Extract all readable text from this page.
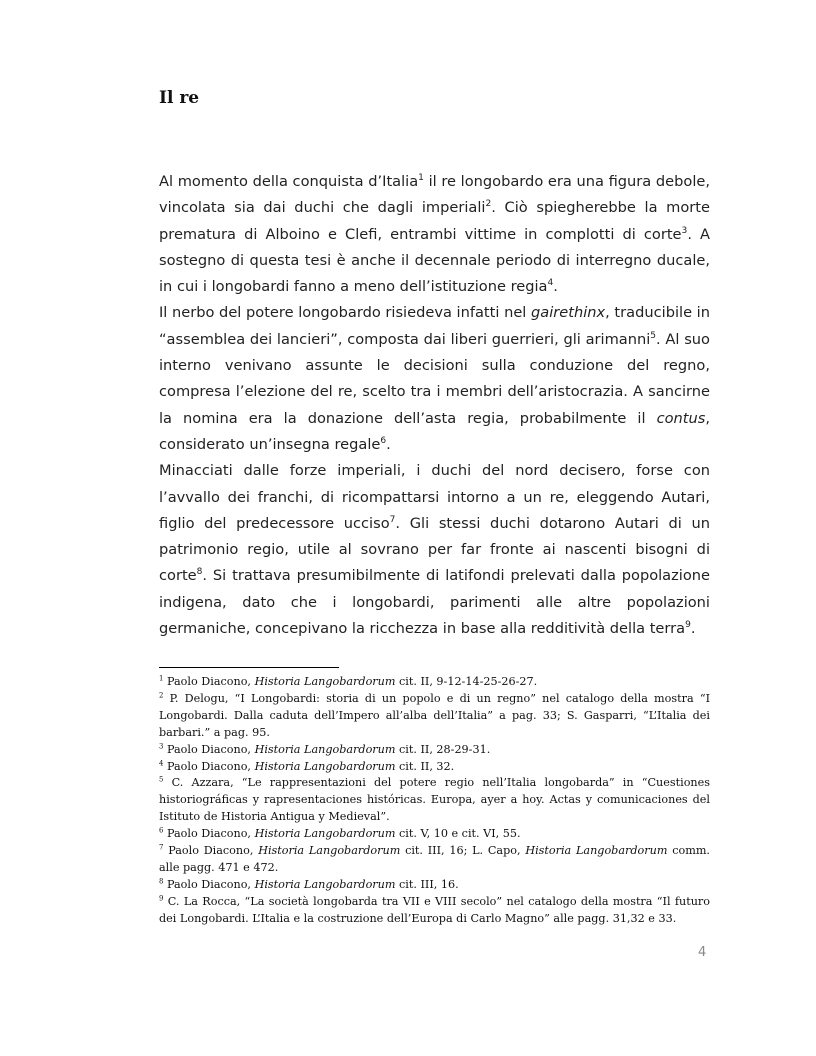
Il re

Al momento della conquista d’Italia$^1$ il re longobardo era una figura debole, vincolata sia dai duchi che dagli imperiali$^2$. Ciò spiegherebbe la morte prematura di Alboino e Clefi, entrambi vittime in complotti di corte$^3$. A sostegno di questa tesi è anche il decennale periodo di interregno ducale, in cui i longobardi fanno a meno dell’istituzione regia$^4$.

Il nerbo del potere longobardo risiedeva infatti nel gairethinx, traducibile in “assemblea dei lancieri”, composta dai liberi guerrieri, gli arimanni$^5$. Al suo interno venivano assunte le decisioni sulla conduzione del regno, compresa l’elezione del re, scelto tra i membri dell’aristocrazia. A sancirne la nomina era la donazione dell’asta regia, probabilmente il contus, considerato un’insegna regale$^6$.

Minacciati dalle forze imperiali, i duchi del nord decisero, forse con l’avvallo dei franchi, di ricompattarsi intorno a un re, eleggendo Autari, figlio del predecessore ucciso$^7$. Gli stessi duchi dotarono Autari di un patrimonio regio, utile al sovrano per far fronte ai nascenti bisogni di corte$^8$. Si trattava presumibilmente di latifondi prelevati dalla popolazione indigena, dato che i longobardi, parimenti alle altre popolazioni germaniche, concepivano la ricchezza in base alla redditività della terra$^9$.

$^1$ Paolo Diacono, Historia Langobardorum cit. II, 9-12-14-25-26-27.

$^2$ P. Delogu, “I Longobardi: storia di un popolo e di un regno” nel catalogo della mostra “I Longobardi. Dalla caduta dell’Impero all’alba dell’Italia” a pag. 33; S. Gasparri, “L’Italia dei barbari.” a pag. 95.

$^3$ Paolo Diacono, Historia Langobardorum cit. II, 28-29-31.

$^4$ Paolo Diacono, Historia Langobardorum cit. II, 32.

$^5$ C. Azzara, “Le rappresentazioni del potere regio nell’Italia longobarda” in “Cuestiones historiográficas y rapresentaciones históricas. Europa, ayer a hoy. Actas y comunicaciones del Istituto de Historia Antigua y Medieval”.

$^6$ Paolo Diacono, Historia Langobardorum cit. V, 10 e cit. VI, 55.

$^7$ Paolo Diacono, Historia Langobardorum cit. III, 16; L. Capo, Historia Langobardorum comm. alle pagg. 471 e 472.

$^8$ Paolo Diacono, Historia Langobardorum cit. III, 16.

$^9$ C. La Rocca, “La società longobarda tra VII e VIII secolo” nel catalogo della mostra “Il futuro dei Longobardi. L’Italia e la costruzione dell’Europa di Carlo Magno” alle pagg. 31,32 e 33.

4
